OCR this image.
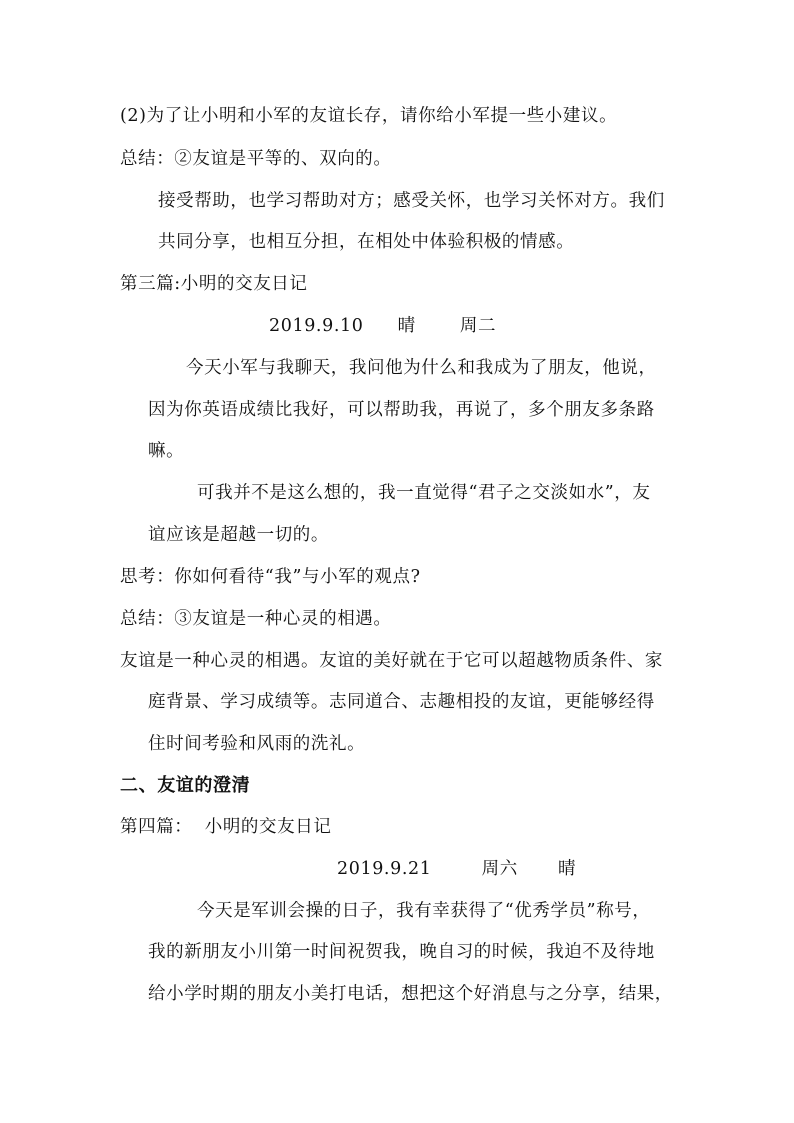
(2)为了让小明和小军的友谊长存，请你给小军提一些小建议。
总结：②友谊是平等的、双向的。
接受帮助，也学习帮助对方；感受关怀，也学习关怀对方。我们
共同分享，也相互分担，在相处中体验积极的情感。
第三篇:小明的交友日记
2019.9.10 晴	周二
今天小军与我聊天，我问他为什么和我成为了朋友，他说，
因为你英语成绩比我好，可以帮助我，再说了，多个朋友多条路
嘛。
可我并不是这么想的，我一直觉得“君子之交淡如水”，友
谊应该是超越一切的。
思考：你如何看待“我”与小军的观点?
总结：③友谊是一种心灵的相遇。
友谊是一种心灵的相遇。友谊的美好就在于它可以超越物质条件、家
庭背景、学习成绩等。志同道合、志趣相投的友谊，更能够经得
住时间考验和风雨的洗礼。
二、友谊的澄清
第四篇：  小明的交友日记
2019.9.21	周六 晴
今天是军训会操的日子，我有幸获得了“优秀学员”称号，
我的新朋友小川第一时间祝贺我，晚自习的时候，我迫不及待地
给小学时期的朋友小美打电话，想把这个好消息与之分享，结果，
